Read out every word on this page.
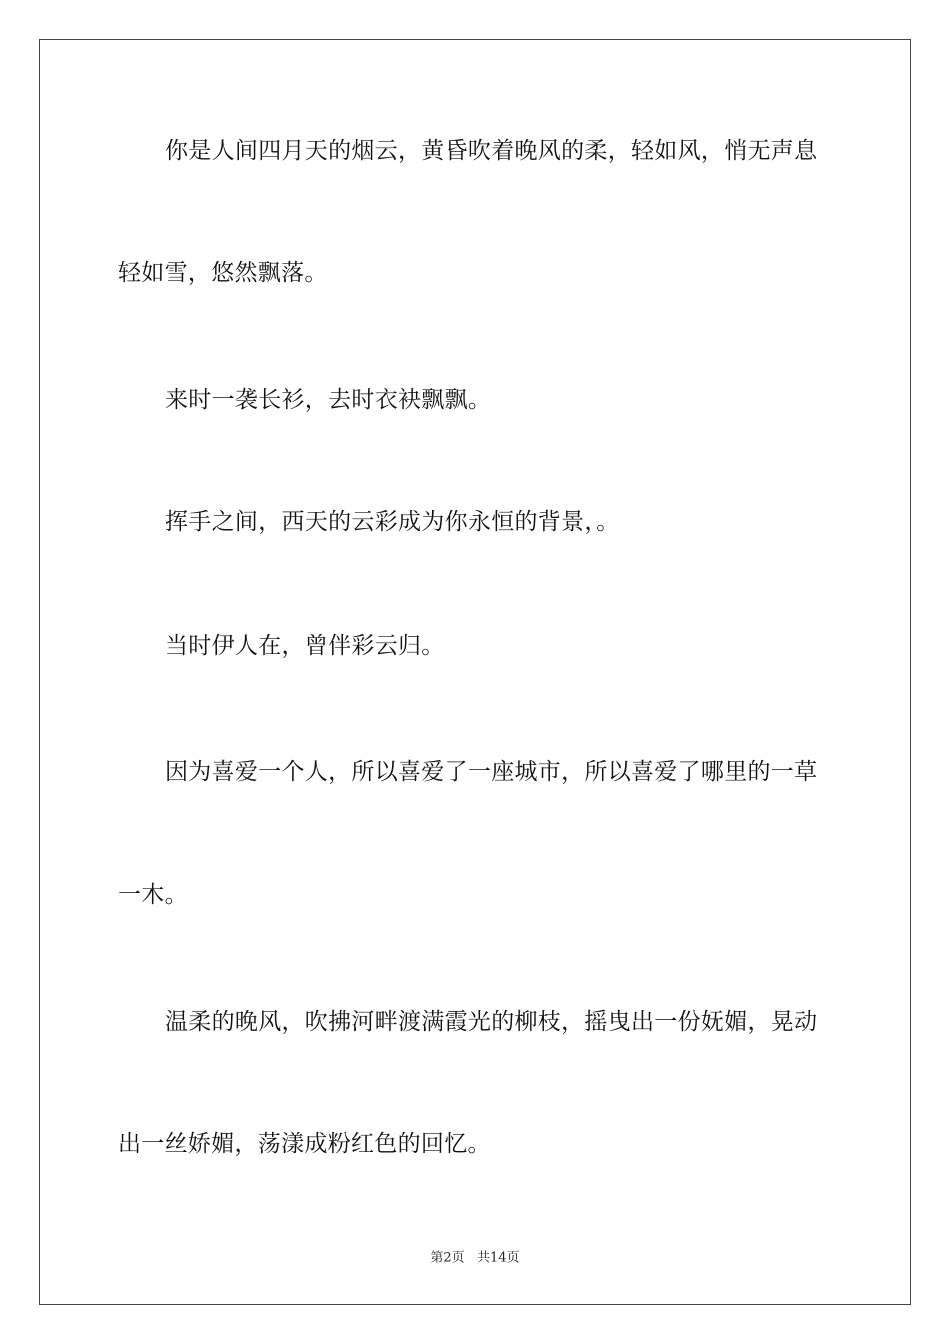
你是人间四月天的烟云，黄昏吹着晚风的柔，轻如风，悄无声息
轻如雪，悠然飘落。
来时一袭长衫，去时衣袂飘飘。
挥手之间，西天的云彩成为你永恒的背景，。
当时伊人在，曾伴彩云归。
因为喜爱一个人，所以喜爱了一座城市，所以喜爱了哪里的一草
一木。
温柔的晚风，吹拂河畔渡满霞光的柳枝，摇曳出一份妩媚，晃动
出一丝娇媚，荡漾成粉红色的回忆。
第2页   共14页
